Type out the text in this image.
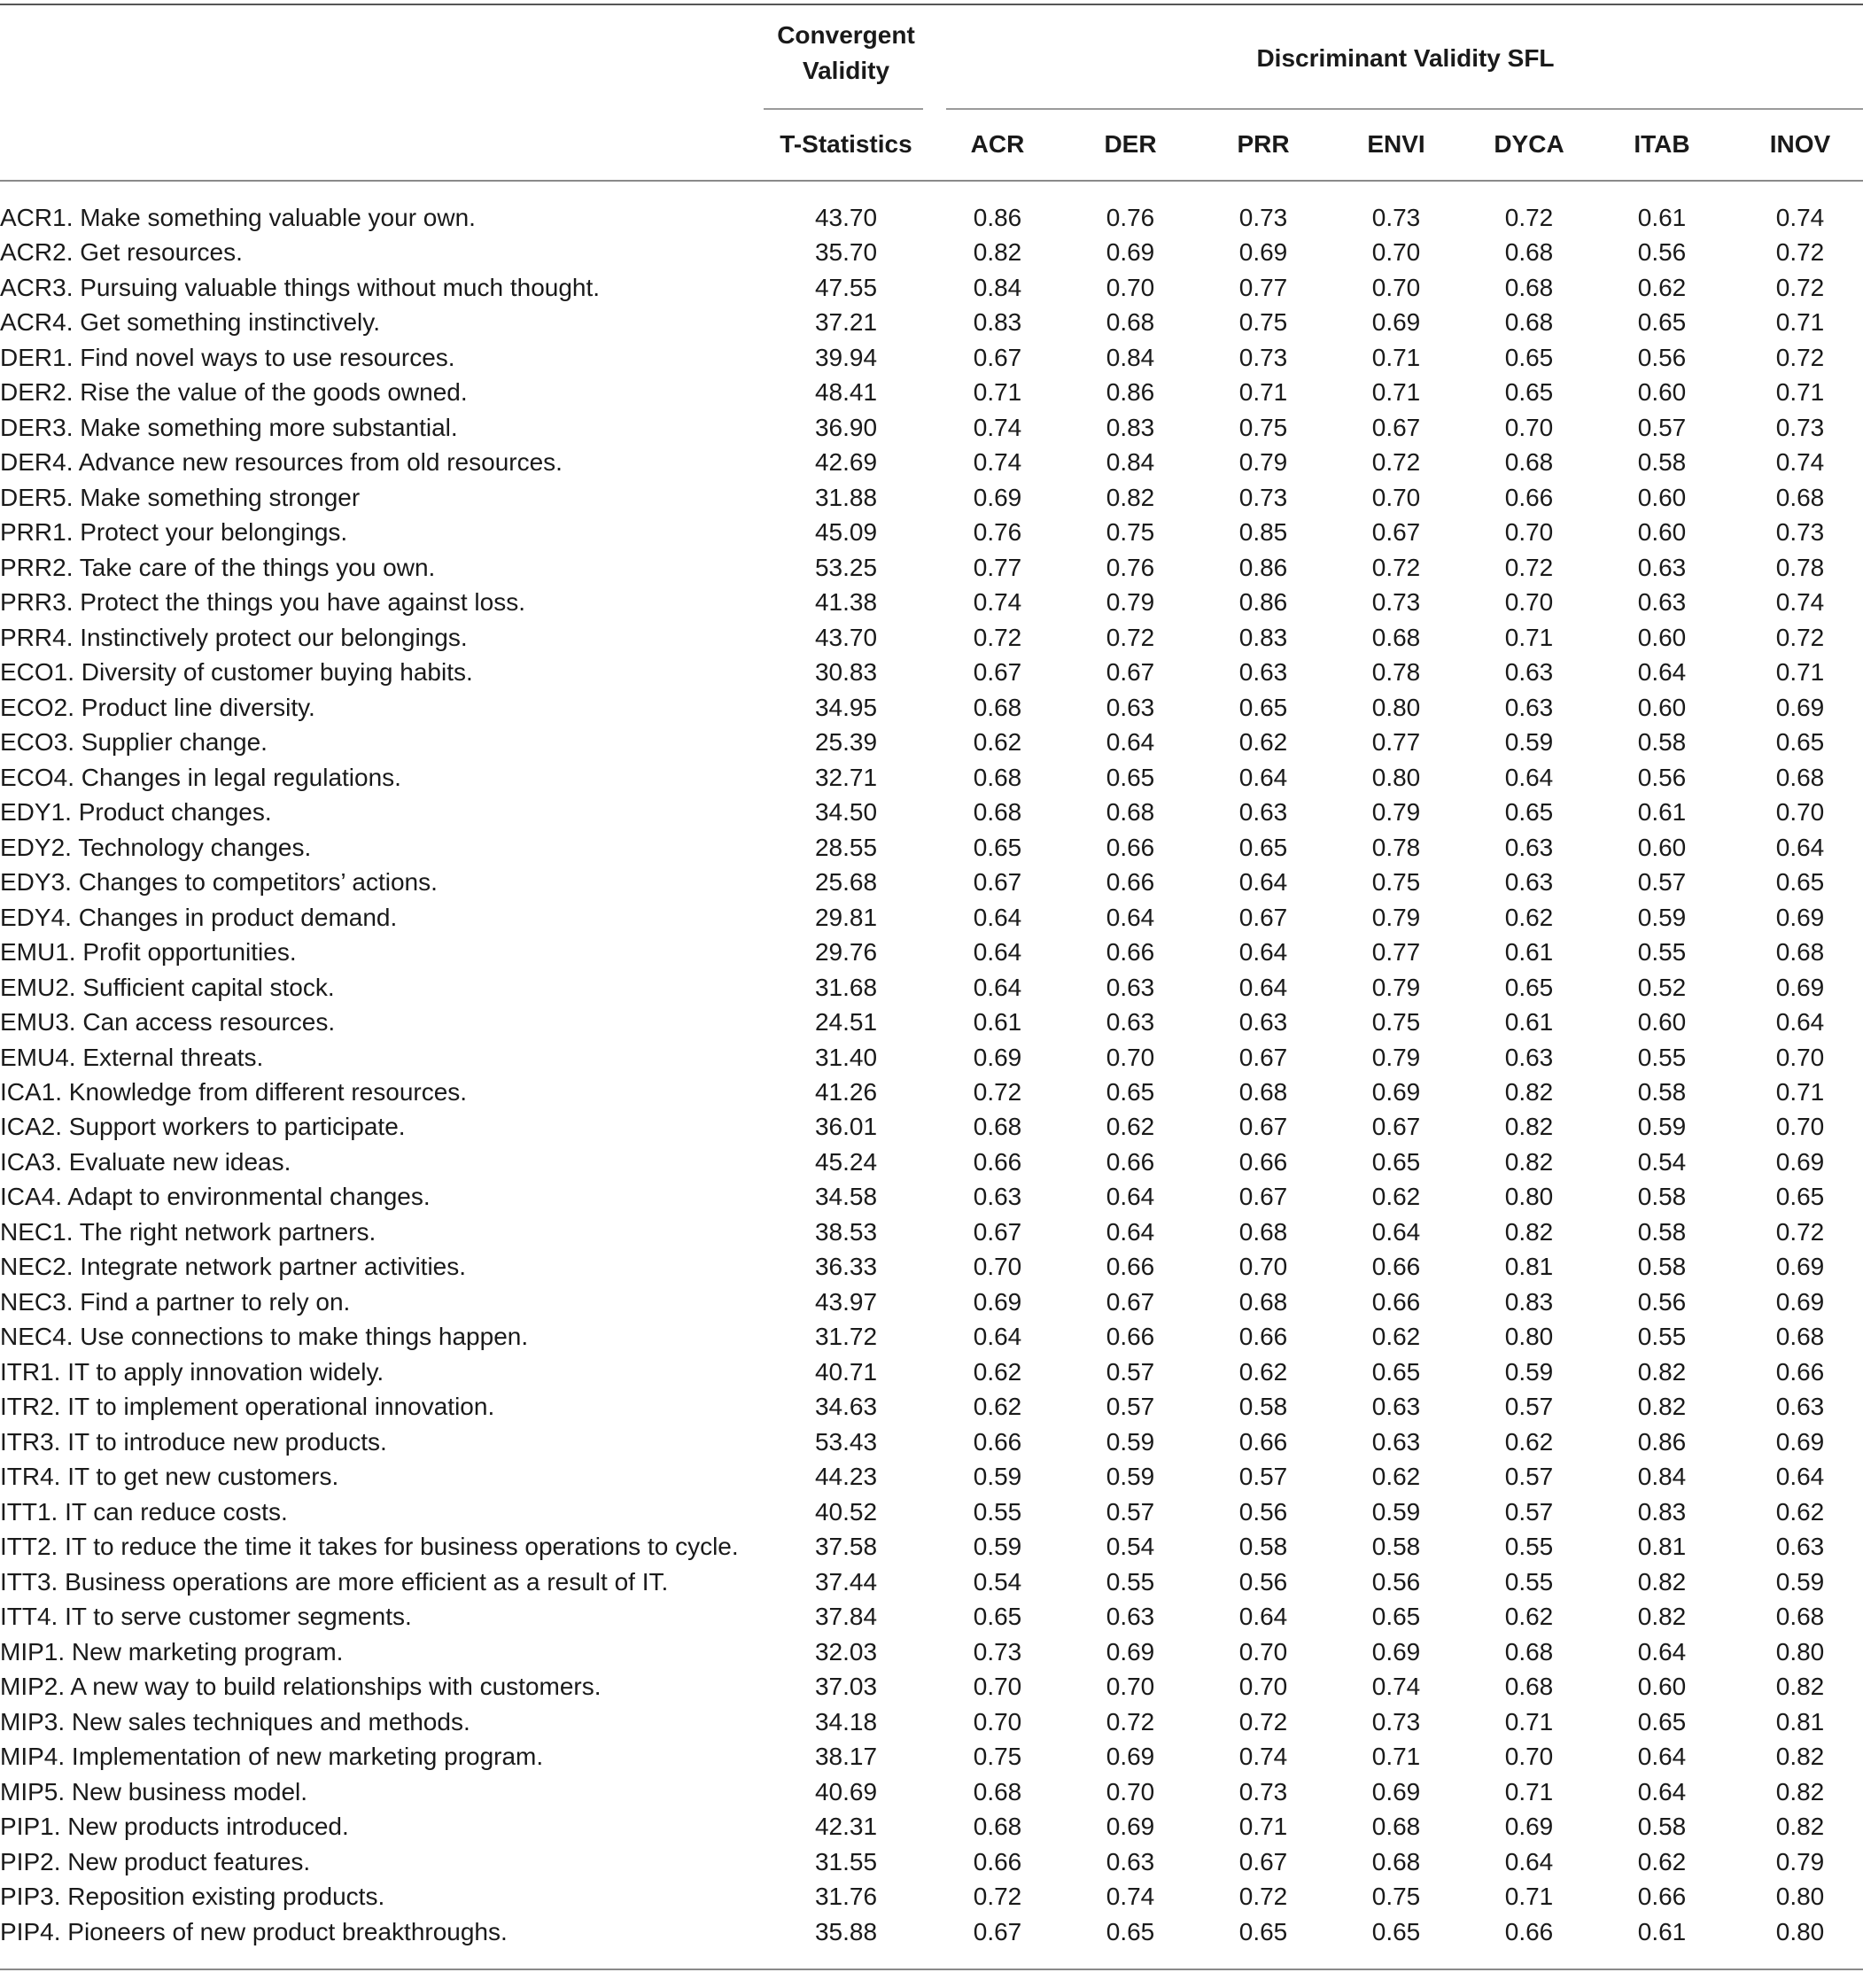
Convergent Validity	Discriminant Validity SFL
T-Statistics	ACR	DER	PRR	ENVI	DYCA	ITAB	INOV
ACR1. Make something valuable your own.	43.70	0.86	0.76	0.73	0.73	0.72	0.61	0.74
ACR2. Get resources.	35.70	0.82	0.69	0.69	0.70	0.68	0.56	0.72
ACR3. Pursuing valuable things without much thought.	47.55	0.84	0.70	0.77	0.70	0.68	0.62	0.72
ACR4. Get something instinctively.	37.21	0.83	0.68	0.75	0.69	0.68	0.65	0.71
DER1. Find novel ways to use resources.	39.94	0.67	0.84	0.73	0.71	0.65	0.56	0.72
DER2. Rise the value of the goods owned.	48.41	0.71	0.86	0.71	0.71	0.65	0.60	0.71
DER3. Make something more substantial.	36.90	0.74	0.83	0.75	0.67	0.70	0.57	0.73
DER4. Advance new resources from old resources.	42.69	0.74	0.84	0.79	0.72	0.68	0.58	0.74
DER5. Make something stronger	31.88	0.69	0.82	0.73	0.70	0.66	0.60	0.68
PRR1. Protect your belongings.	45.09	0.76	0.75	0.85	0.67	0.70	0.60	0.73
PRR2. Take care of the things you own.	53.25	0.77	0.76	0.86	0.72	0.72	0.63	0.78
PRR3. Protect the things you have against loss.	41.38	0.74	0.79	0.86	0.73	0.70	0.63	0.74
PRR4. Instinctively protect our belongings.	43.70	0.72	0.72	0.83	0.68	0.71	0.60	0.72
ECO1. Diversity of customer buying habits.	30.83	0.67	0.67	0.63	0.78	0.63	0.64	0.71
ECO2. Product line diversity.	34.95	0.68	0.63	0.65	0.80	0.63	0.60	0.69
ECO3. Supplier change.	25.39	0.62	0.64	0.62	0.77	0.59	0.58	0.65
ECO4. Changes in legal regulations.	32.71	0.68	0.65	0.64	0.80	0.64	0.56	0.68
EDY1. Product changes.	34.50	0.68	0.68	0.63	0.79	0.65	0.61	0.70
EDY2. Technology changes.	28.55	0.65	0.66	0.65	0.78	0.63	0.60	0.64
EDY3. Changes to competitors’ actions.	25.68	0.67	0.66	0.64	0.75	0.63	0.57	0.65
EDY4. Changes in product demand.	29.81	0.64	0.64	0.67	0.79	0.62	0.59	0.69
EMU1. Profit opportunities.	29.76	0.64	0.66	0.64	0.77	0.61	0.55	0.68
EMU2. Sufficient capital stock.	31.68	0.64	0.63	0.64	0.79	0.65	0.52	0.69
EMU3. Can access resources.	24.51	0.61	0.63	0.63	0.75	0.61	0.60	0.64
EMU4. External threats.	31.40	0.69	0.70	0.67	0.79	0.63	0.55	0.70
ICA1. Knowledge from different resources.	41.26	0.72	0.65	0.68	0.69	0.82	0.58	0.71
ICA2. Support workers to participate.	36.01	0.68	0.62	0.67	0.67	0.82	0.59	0.70
ICA3. Evaluate new ideas.	45.24	0.66	0.66	0.66	0.65	0.82	0.54	0.69
ICA4. Adapt to environmental changes.	34.58	0.63	0.64	0.67	0.62	0.80	0.58	0.65
NEC1. The right network partners.	38.53	0.67	0.64	0.68	0.64	0.82	0.58	0.72
NEC2. Integrate network partner activities.	36.33	0.70	0.66	0.70	0.66	0.81	0.58	0.69
NEC3. Find a partner to rely on.	43.97	0.69	0.67	0.68	0.66	0.83	0.56	0.69
NEC4. Use connections to make things happen.	31.72	0.64	0.66	0.66	0.62	0.80	0.55	0.68
ITR1. IT to apply innovation widely.	40.71	0.62	0.57	0.62	0.65	0.59	0.82	0.66
ITR2. IT to implement operational innovation.	34.63	0.62	0.57	0.58	0.63	0.57	0.82	0.63
ITR3. IT to introduce new products.	53.43	0.66	0.59	0.66	0.63	0.62	0.86	0.69
ITR4. IT to get new customers.	44.23	0.59	0.59	0.57	0.62	0.57	0.84	0.64
ITT1. IT can reduce costs.	40.52	0.55	0.57	0.56	0.59	0.57	0.83	0.62
ITT2. IT to reduce the time it takes for business operations to cycle.	37.58	0.59	0.54	0.58	0.58	0.55	0.81	0.63
ITT3. Business operations are more efficient as a result of IT.	37.44	0.54	0.55	0.56	0.56	0.55	0.82	0.59
ITT4. IT to serve customer segments.	37.84	0.65	0.63	0.64	0.65	0.62	0.82	0.68
MIP1. New marketing program.	32.03	0.73	0.69	0.70	0.69	0.68	0.64	0.80
MIP2. A new way to build relationships with customers.	37.03	0.70	0.70	0.70	0.74	0.68	0.60	0.82
MIP3. New sales techniques and methods.	34.18	0.70	0.72	0.72	0.73	0.71	0.65	0.81
MIP4. Implementation of new marketing program.	38.17	0.75	0.69	0.74	0.71	0.70	0.64	0.82
MIP5. New business model.	40.69	0.68	0.70	0.73	0.69	0.71	0.64	0.82
PIP1. New products introduced.	42.31	0.68	0.69	0.71	0.68	0.69	0.58	0.82
PIP2. New product features.	31.55	0.66	0.63	0.67	0.68	0.64	0.62	0.79
PIP3. Reposition existing products.	31.76	0.72	0.74	0.72	0.75	0.71	0.66	0.80
PIP4. Pioneers of new product breakthroughs.	35.88	0.67	0.65	0.65	0.65	0.66	0.61	0.80
